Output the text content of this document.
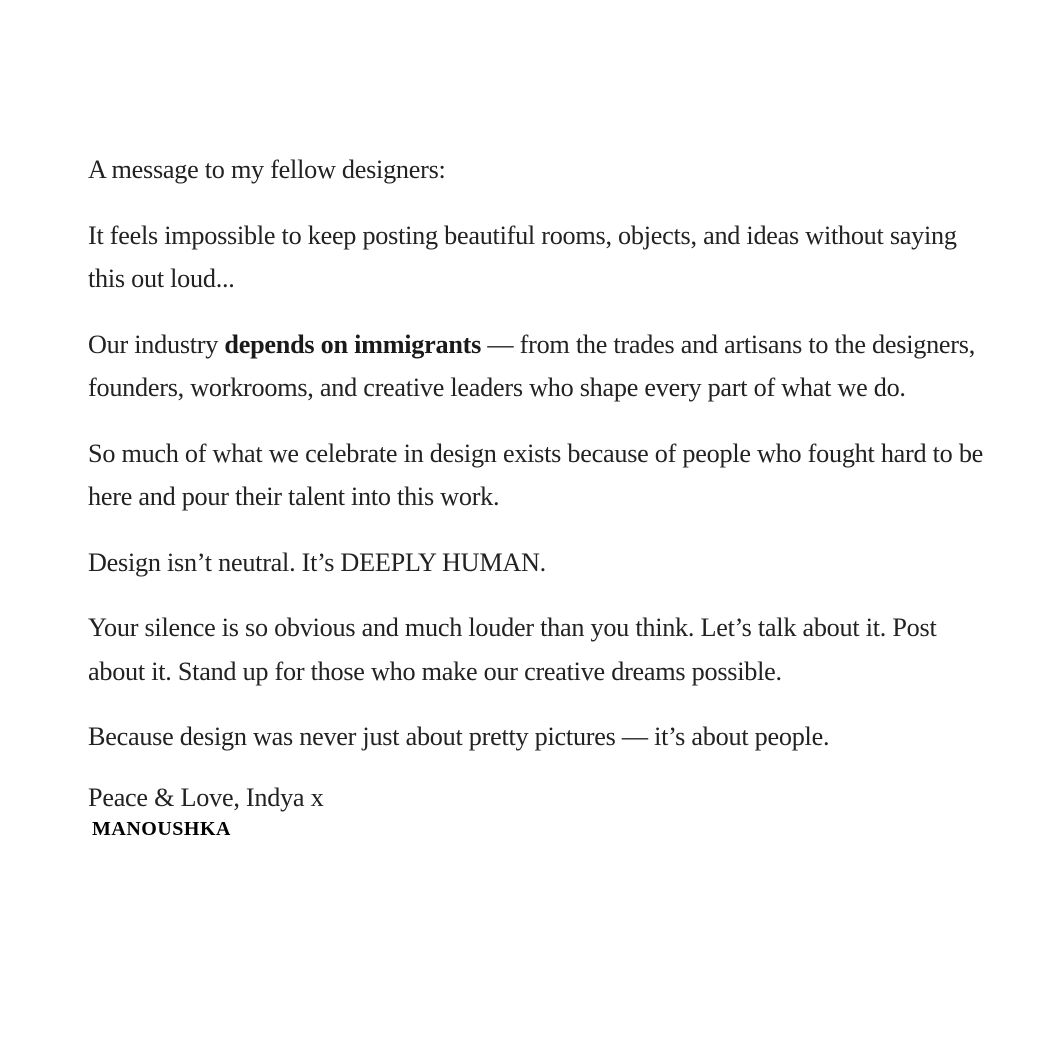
A message to my fellow designers:

It feels impossible to keep posting beautiful rooms, objects, and ideas without saying this out loud...

Our industry depends on immigrants — from the trades and artisans to the designers, founders, workrooms, and creative leaders who shape every part of what we do.

So much of what we celebrate in design exists because of people who fought hard to be here and pour their talent into this work.

Design isn’t neutral. It’s DEEPLY HUMAN.

Your silence is so obvious and much louder than you think. Let’s talk about it. Post about it. Stand up for those who make our creative dreams possible.

Because design was never just about pretty pictures — it’s about people.

Peace & Love, Indya x
MANOUSHKA
